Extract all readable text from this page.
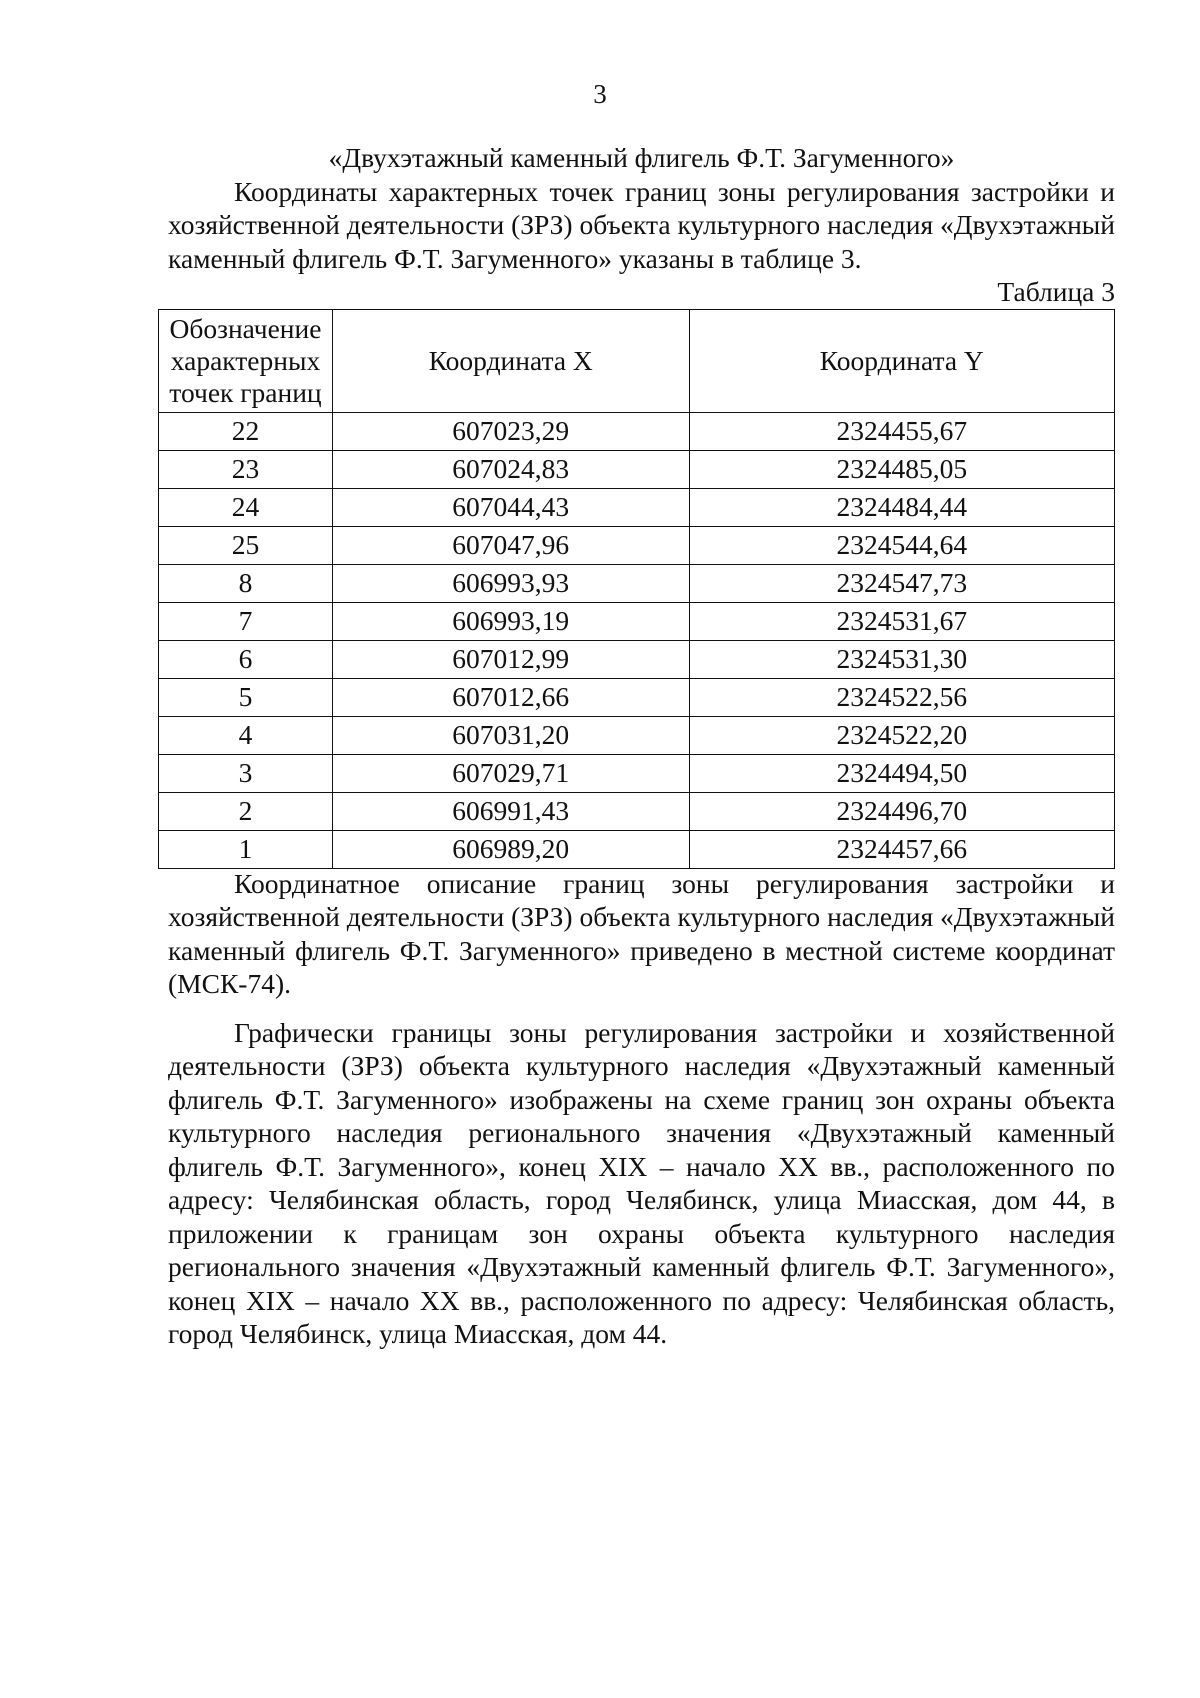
3

«Двухэтажный каменный флигель Ф.Т. Загуменного»

Координаты характерных точек границ зоны регулирования застройки и хозяйственной деятельности (ЗРЗ) объекта культурного наследия «Двухэтажный каменный флигель Ф.Т. Загуменного» указаны в таблице 3.

Таблица 3

Обозначение характерных точек границ	Координата X	Координата Y
22	607023,29	2324455,67
23	607024,83	2324485,05
24	607044,43	2324484,44
25	607047,96	2324544,64
8	606993,93	2324547,73
7	606993,19	2324531,67
6	607012,99	2324531,30
5	607012,66	2324522,56
4	607031,20	2324522,20
3	607029,71	2324494,50
2	606991,43	2324496,70
1	606989,20	2324457,66

Координатное описание границ зоны регулирования застройки и хозяйственной деятельности (ЗРЗ) объекта культурного наследия «Двухэтажный каменный флигель Ф.Т. Загуменного» приведено в местной системе координат (МСК-74).

Графически границы зоны регулирования застройки и хозяйственной деятельности (ЗРЗ) объекта культурного наследия «Двухэтажный каменный флигель Ф.Т. Загуменного» изображены на схеме границ зон охраны объекта культурного наследия регионального значения «Двухэтажный каменный флигель Ф.Т. Загуменного», конец XIX – начало XX вв., расположенного по адресу: Челябинская область, город Челябинск, улица Миасская, дом 44, в приложении к границам зон охраны объекта культурного наследия регионального значения «Двухэтажный каменный флигель Ф.Т. Загуменного», конец XIX – начало XX вв., расположенного по адресу: Челябинская область, город Челябинск, улица Миасская, дом 44.
